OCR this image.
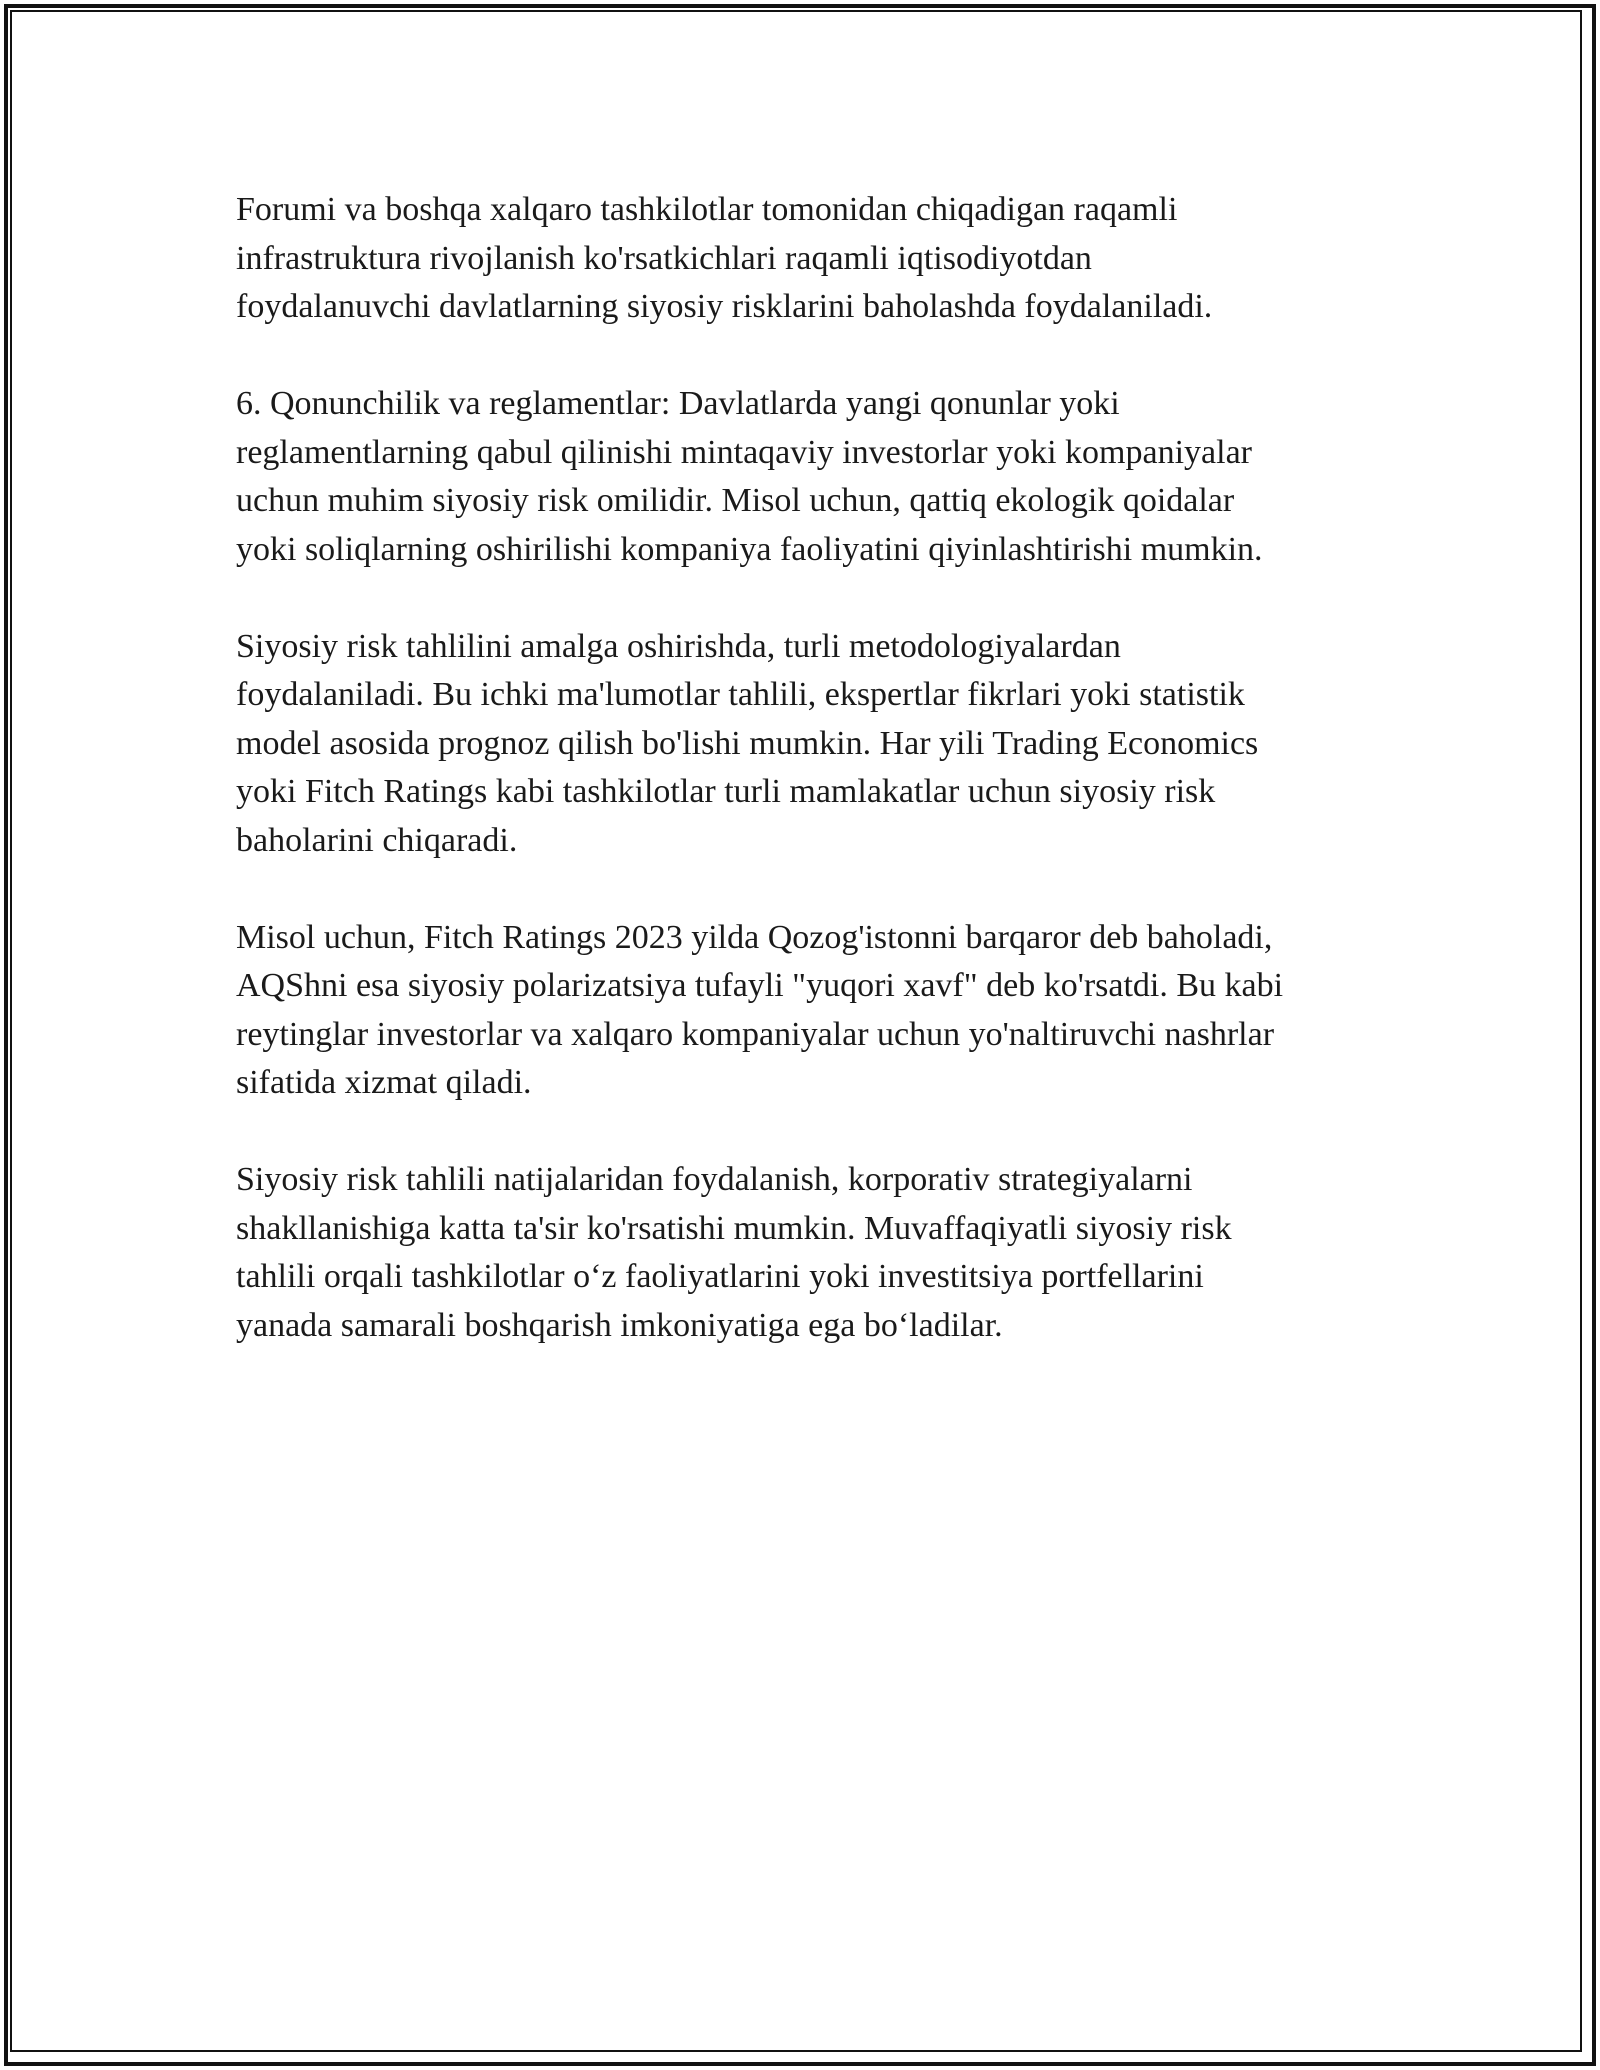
Forumi va boshqa xalqaro tashkilotlar tomonidan chiqadigan raqamli
infrastruktura rivojlanish ko'rsatkichlari raqamli iqtisodiyotdan
foydalanuvchi davlatlarning siyosiy risklarini baholashda foydalaniladi.

6. Qonunchilik va reglamentlar: Davlatlarda yangi qonunlar yoki
reglamentlarning qabul qilinishi mintaqaviy investorlar yoki kompaniyalar
uchun muhim siyosiy risk omilidir. Misol uchun, qattiq ekologik qoidalar
yoki soliqlarning oshirilishi kompaniya faoliyatini qiyinlashtirishi mumkin.

Siyosiy risk tahlilini amalga oshirishda, turli metodologiyalardan
foydalaniladi. Bu ichki ma'lumotlar tahlili, ekspertlar fikrlari yoki statistik
model asosida prognoz qilish bo'lishi mumkin. Har yili Trading Economics
yoki Fitch Ratings kabi tashkilotlar turli mamlakatlar uchun siyosiy risk
baholarini chiqaradi.

Misol uchun, Fitch Ratings 2023 yilda Qozog'istonni barqaror deb baholadi,
AQShni esa siyosiy polarizatsiya tufayli "yuqori xavf" deb ko'rsatdi. Bu kabi
reytinglar investorlar va xalqaro kompaniyalar uchun yo'naltiruvchi nashrlar
sifatida xizmat qiladi.

Siyosiy risk tahlili natijalaridan foydalanish, korporativ strategiyalarni
shakllanishiga katta ta'sir ko'rsatishi mumkin. Muvaffaqiyatli siyosiy risk
tahlili orqali tashkilotlar oʻz faoliyatlarini yoki investitsiya portfellarini
yanada samarali boshqarish imkoniyatiga ega boʻladilar.
